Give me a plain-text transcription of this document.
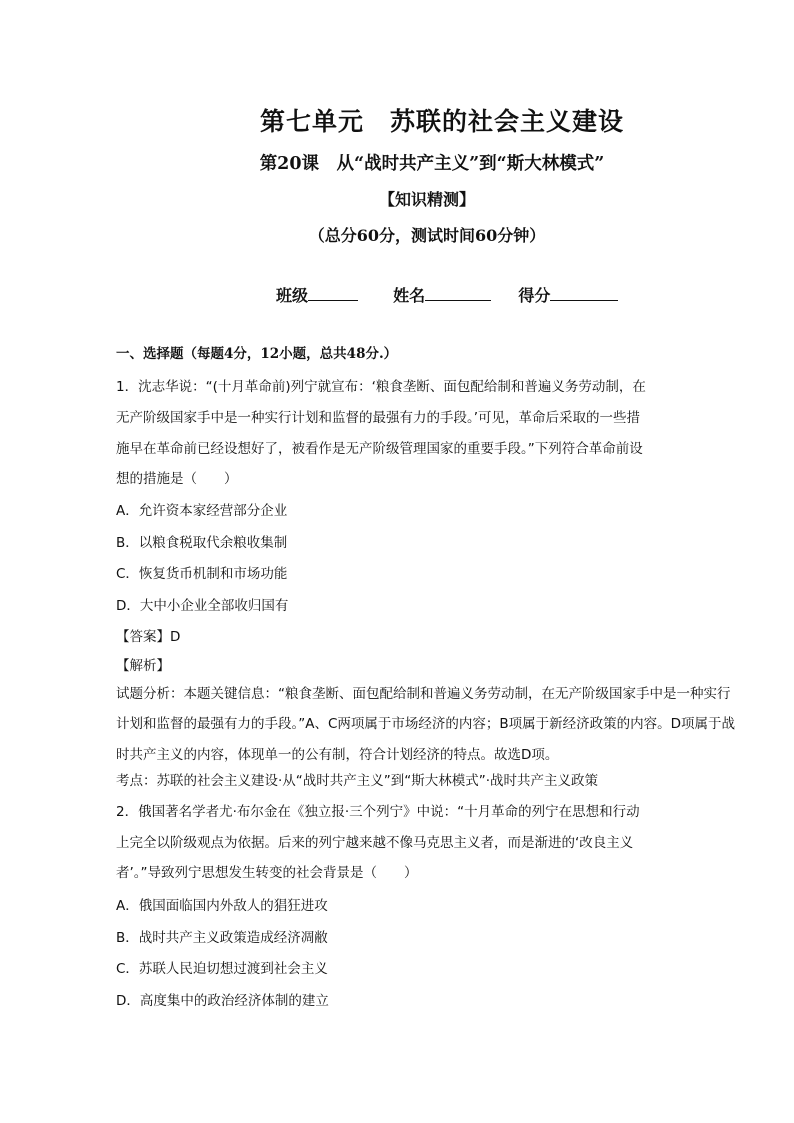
第七单元　苏联的社会主义建设
第20课　从“战时共产主义”到“斯大林模式”
【知识精测】
（总分60分，测试时间60分钟）
班级	姓名	得分
一、选择题（每题4分，12小题，总共48分.）
1．沈志华说：“(十月革命前)列宁就宣布：‘粮食垄断、面包配给制和普遍义务劳动制，在
无产阶级国家手中是一种实行计划和监督的最强有力的手段。’可见，革命后采取的一些措
施早在革命前已经设想好了，被看作是无产阶级管理国家的重要手段。”下列符合革命前设
想的措施是（　　）
A．允许资本家经营部分企业
B．以粮食税取代余粮收集制
C．恢复货币机制和市场功能
D．大中小企业全部收归国有
【答案】D
【解析】
试题分析：本题关键信息：“粮食垄断、面包配给制和普遍义务劳动制，在无产阶级国家手中是一种实行
计划和监督的最强有力的手段。”A、C两项属于市场经济的内容；B项属于新经济政策的内容。D项属于战
时共产主义的内容，体现单一的公有制，符合计划经济的特点。故选D项。
考点：苏联的社会主义建设·从“战时共产主义”到“斯大林模式”·战时共产主义政策
2．俄国著名学者尤·布尔金在《独立报·三个列宁》中说：“十月革命的列宁在思想和行动
上完全以阶级观点为依据。后来的列宁越来越不像马克思主义者，而是渐进的‘改良主义
者’。”导致列宁思想发生转变的社会背景是（　　）
A．俄国面临国内外敌人的猖狂进攻
B．战时共产主义政策造成经济凋敝
C．苏联人民迫切想过渡到社会主义
D．高度集中的政治经济体制的建立
